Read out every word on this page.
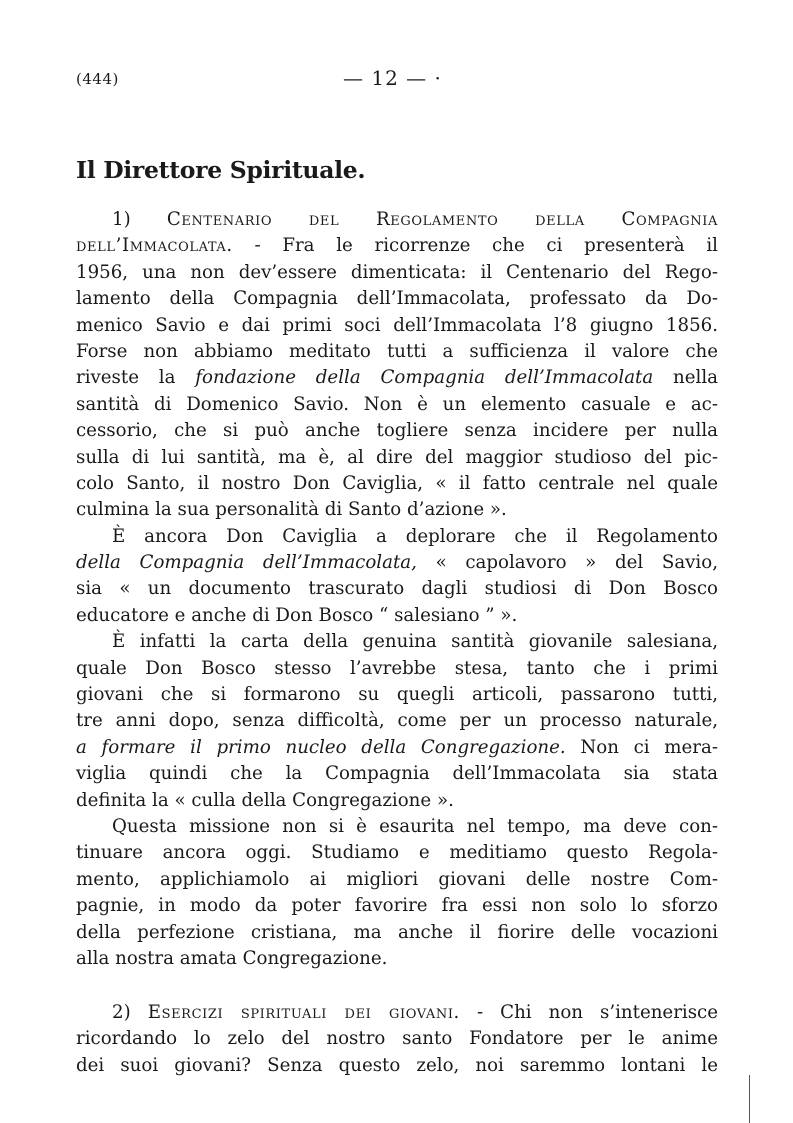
(444)	— 12 — ·
Il Direttore Spirituale.
1) Centenario del Regolamento della Compagnia
dell’Immacolata. - Fra le ricorrenze che ci presenterà il
1956, una non dev’essere dimenticata: il Centenario del Rego-
lamento della Compagnia dell’Immacolata, professato da Do-
menico Savio e dai primi soci dell’Immacolata l’8 giugno 1856.
Forse non abbiamo meditato tutti a sufficienza il valore che
riveste la fondazione della Compagnia dell’Immacolata nella
santità di Domenico Savio. Non è un elemento casuale e ac-
cessorio, che si può anche togliere senza incidere per nulla
sulla di lui santità, ma è, al dire del maggior studioso del pic-
colo Santo, il nostro Don Caviglia, « il fatto centrale nel quale
culmina la sua personalità di Santo d’azione ».
È ancora Don Caviglia a deplorare che il Regolamento
della Compagnia dell’Immacolata, « capolavoro » del Savio,
sia « un documento trascurato dagli studiosi di Don Bosco
educatore e anche di Don Bosco “ salesiano ” ».
È infatti la carta della genuina santità giovanile salesiana,
quale Don Bosco stesso l’avrebbe stesa, tanto che i primi
giovani che si formarono su quegli articoli, passarono tutti,
tre anni dopo, senza difficoltà, come per un processo naturale,
a formare il primo nucleo della Congregazione. Non ci mera-
viglia quindi che la Compagnia dell’Immacolata sia stata
definita la « culla della Congregazione ».
Questa missione non si è esaurita nel tempo, ma deve con-
tinuare ancora oggi. Studiamo e meditiamo questo Regola-
mento, applichiamolo ai migliori giovani delle nostre Com-
pagnie, in modo da poter favorire fra essi non solo lo sforzo
della perfezione cristiana, ma anche il fiorire delle vocazioni
alla nostra amata Congregazione.
2) Esercizi spirituali dei giovani. - Chi non s’intenerisce
ricordando lo zelo del nostro santo Fondatore per le anime
dei suoi giovani? Senza questo zelo, noi saremmo lontani le
